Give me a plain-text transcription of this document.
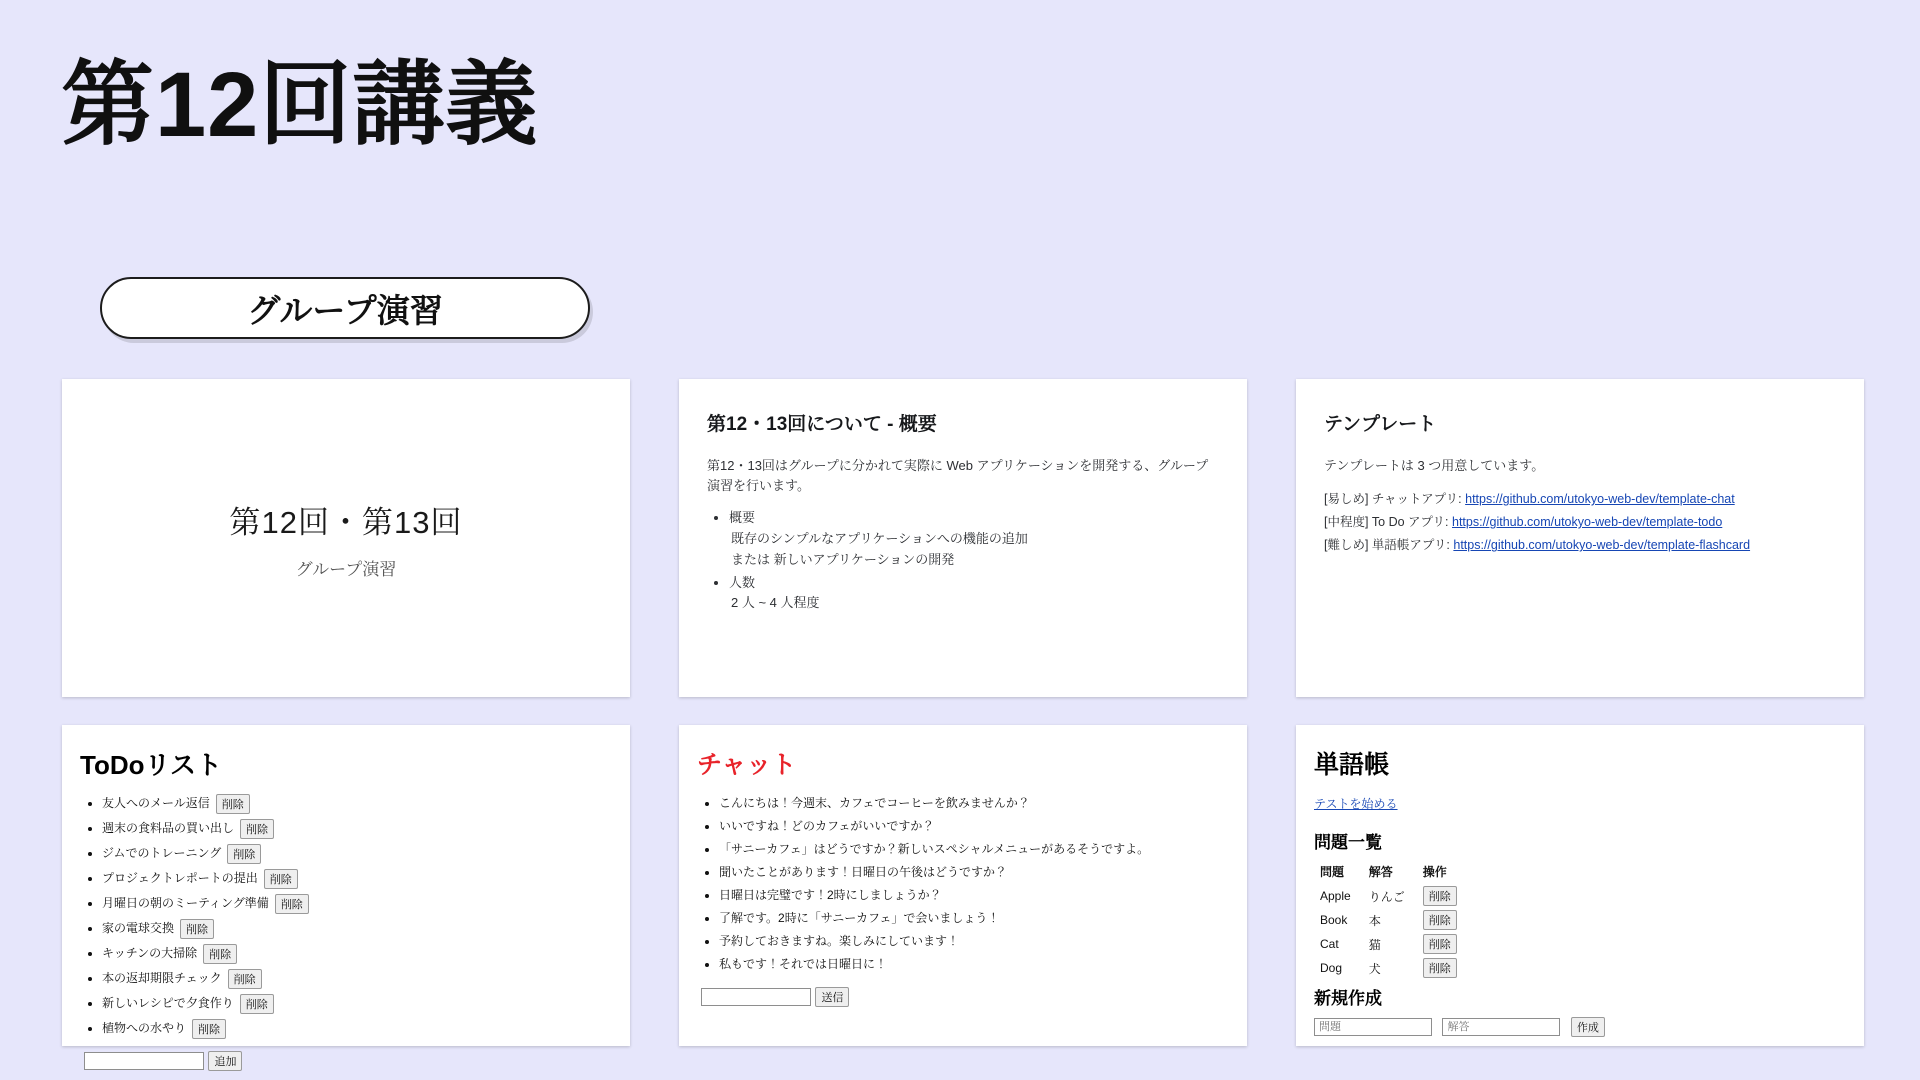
第12回講義
グループ演習
第12回・第13回
グループ演習
第12・13回について - 概要
第12・13回はグループに分かれて実際に Web アプリケーションを開発する、グループ演習を行います。
• 概要
既存のシンプルなアプリケーションへの機能の追加
または 新しいアプリケーションの開発
• 人数
2 人 ~ 4 人程度
テンプレート
テンプレートは 3 つ用意しています。
[易しめ] チャットアプリ: https://github.com/utokyo-web-dev/template-chat
[中程度] To Do アプリ: https://github.com/utokyo-web-dev/template-todo
[難しめ] 単語帳アプリ: https://github.com/utokyo-web-dev/template-flashcard
ToDoリスト
• 友人へのメール返信 削除
• 週末の食料品の買い出し 削除
• ジムでのトレーニング 削除
• プロジェクトレポートの提出 削除
• 月曜日の朝のミーティング準備 削除
• 家の電球交換 削除
• キッチンの大掃除 削除
• 本の返却期限チェック 削除
• 新しいレシピで夕食作り 削除
• 植物への水やり 削除
追加
チャット
• こんにちは！今週末、カフェでコーヒーを飲みませんか？
• いいですね！どのカフェがいいですか？
• 「サニーカフェ」はどうですか？新しいスペシャルメニューがあるそうですよ。
• 聞いたことがあります！日曜日の午後はどうですか？
• 日曜日は完璧です！2時にしましょうか？
• 了解です。2時に「サニーカフェ」で会いましょう！
• 予約しておきますね。楽しみにしています！
• 私もです！それでは日曜日に！
送信
単語帳
テストを始める
問題一覧
問題	解答	操作
Apple	りんご	削除
Book	本	削除
Cat	猫	削除
Dog	犬	削除
新規作成
問題 解答 作成
